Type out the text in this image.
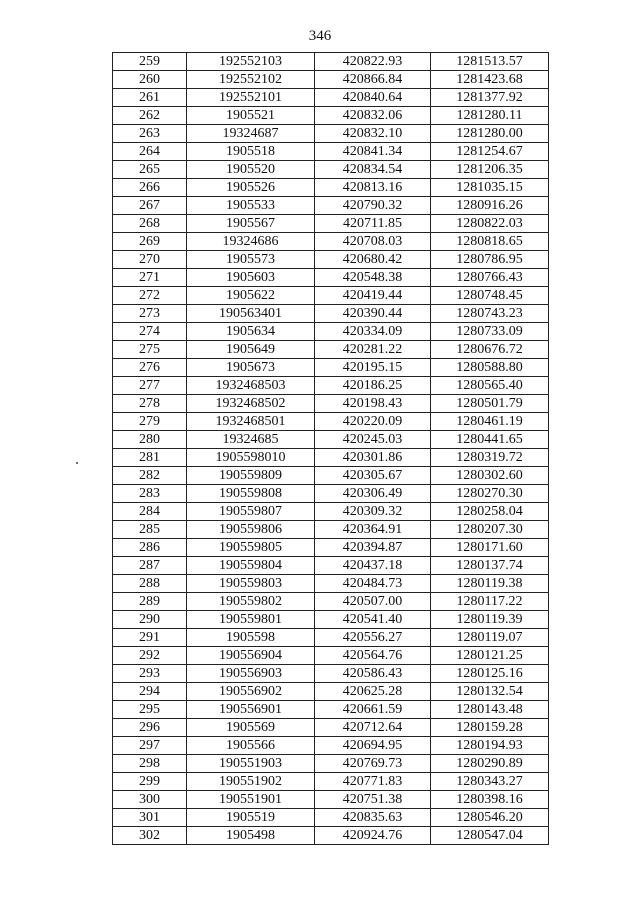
346
259	192552103	420822.93	1281513.57
260	192552102	420866.84	1281423.68
261	192552101	420840.64	1281377.92
262	1905521	420832.06	1281280.11
263	19324687	420832.10	1281280.00
264	1905518	420841.34	1281254.67
265	1905520	420834.54	1281206.35
266	1905526	420813.16	1281035.15
267	1905533	420790.32	1280916.26
268	1905567	420711.85	1280822.03
269	19324686	420708.03	1280818.65
270	1905573	420680.42	1280786.95
271	1905603	420548.38	1280766.43
272	1905622	420419.44	1280748.45
273	190563401	420390.44	1280743.23
274	1905634	420334.09	1280733.09
275	1905649	420281.22	1280676.72
276	1905673	420195.15	1280588.80
277	1932468503	420186.25	1280565.40
278	1932468502	420198.43	1280501.79
279	1932468501	420220.09	1280461.19
280	19324685	420245.03	1280441.65
281	1905598010	420301.86	1280319.72
282	190559809	420305.67	1280302.60
283	190559808	420306.49	1280270.30
284	190559807	420309.32	1280258.04
285	190559806	420364.91	1280207.30
286	190559805	420394.87	1280171.60
287	190559804	420437.18	1280137.74
288	190559803	420484.73	1280119.38
289	190559802	420507.00	1280117.22
290	190559801	420541.40	1280119.39
291	1905598	420556.27	1280119.07
292	190556904	420564.76	1280121.25
293	190556903	420586.43	1280125.16
294	190556902	420625.28	1280132.54
295	190556901	420661.59	1280143.48
296	1905569	420712.64	1280159.28
297	1905566	420694.95	1280194.93
298	190551903	420769.73	1280290.89
299	190551902	420771.83	1280343.27
300	190551901	420751.38	1280398.16
301	1905519	420835.63	1280546.20
302	1905498	420924.76	1280547.04
